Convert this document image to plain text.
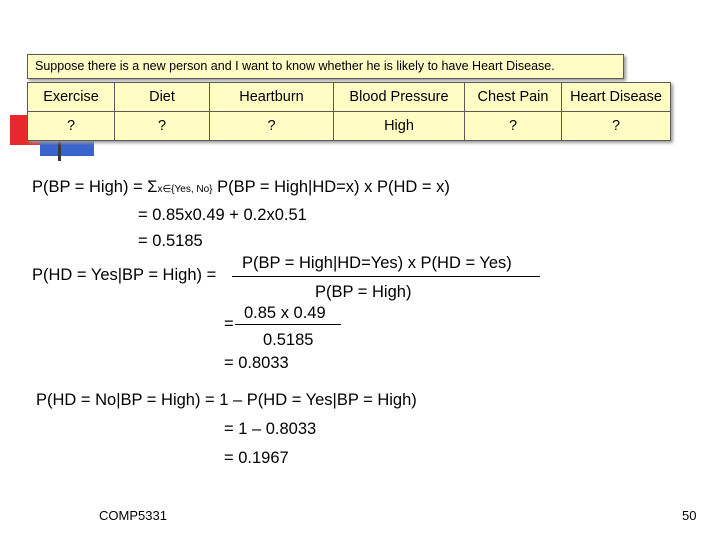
Suppose there is a new person and I want to know whether he is likely to have Heart Disease.
Exercise	Diet	Heartburn	Blood Pressure	Chest Pain	Heart Disease
?	?	?	High	?	?
P(BP = High) = Σx∈{Yes, No} P(BP = High|HD=x) x P(HD = x)
= 0.85x0.49 + 0.2x0.51
= 0.5185
P(BP = High|HD=Yes) x P(HD = Yes)
P(HD = Yes|BP = High) =
P(BP = High)
0.85 x 0.49
=
0.5185
= 0.8033
P(HD = No|BP = High) = 1 – P(HD = Yes|BP = High)
= 1 – 0.8033
= 0.1967
COMP5331	50
